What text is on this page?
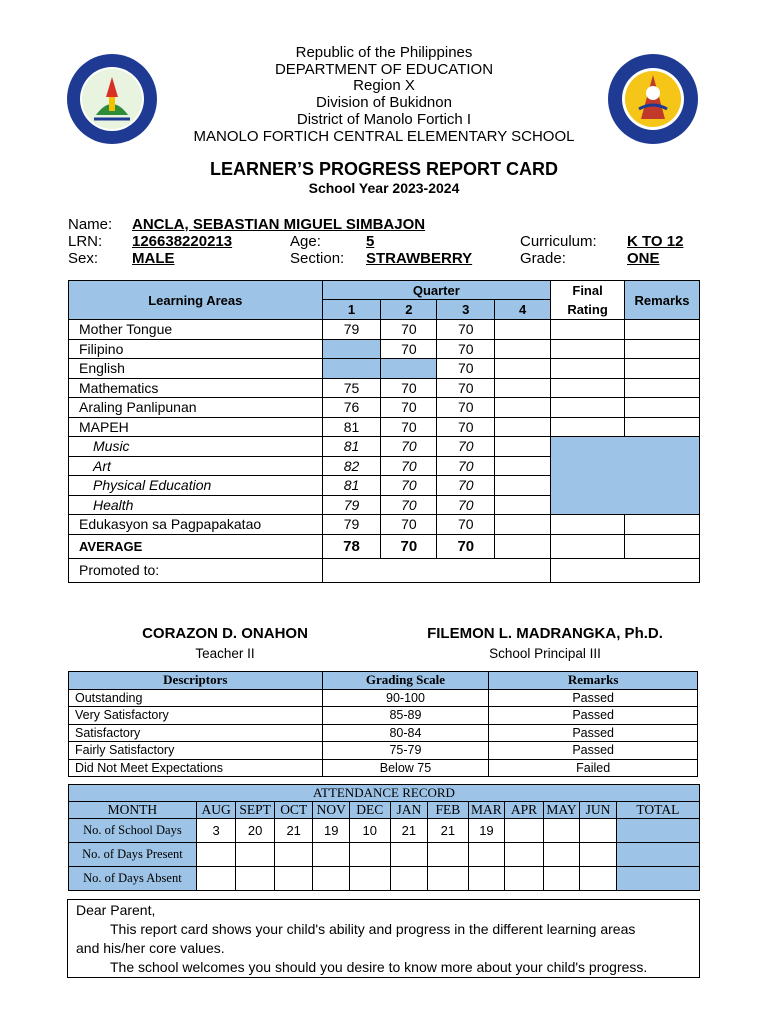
Republic of the Philippines
DEPARTMENT OF EDUCATION
Region X
Division of Bukidnon
District of Manolo Fortich I
MANOLO FORTICH CENTRAL ELEMENTARY SCHOOL
LEARNER’S PROGRESS REPORT CARD
School Year 2023-2024
Name: ANCLA, SEBASTIAN MIGUEL SIMBAJON
LRN: 126638220213	Age:	5	Curriculum: K TO 12
Sex: MALE	Section: STRAWBERRY	Grade:	ONE
Learning Areas	Quarter				Final Rating	Remarks
	1	2	3	4		
Mother Tongue	79	70	70			
Filipino		70	70			
English			70			
Mathematics	75	70	70			
Araling Panlipunan	76	70	70			
MAPEH	81	70	70			
Music	81	70	70			
Art	82	70	70			
Physical Education	81	70	70			
Health	79	70	70			
Edukasyon sa Pagpapakatao	79	70	70			
AVERAGE	78	70	70			
Promoted to:						
CORAZON D. ONAHON
Teacher II
FILEMON L. MADRANGKA, Ph.D.
School Principal III
Descriptors	Grading Scale	Remarks
Outstanding	90-100	Passed
Very Satisfactory	85-89	Passed
Satisfactory	80-84	Passed
Fairly Satisfactory	75-79	Passed
Did Not Meet Expectations	Below 75	Failed
ATTENDANCE RECORD												
MONTH	AUG	SEPT	OCT	NOV	DEC	JAN	FEB	MAR	APR	MAY	JUN	TOTAL
No. of School Days	3	20	21	19	10	21	21	19				
No. of Days Present												
No. of Days Absent												
Dear Parent,
This report card shows your child's ability and progress in the different learning areas
and his/her core values.
The school welcomes you should you desire to know more about your child's progress.
